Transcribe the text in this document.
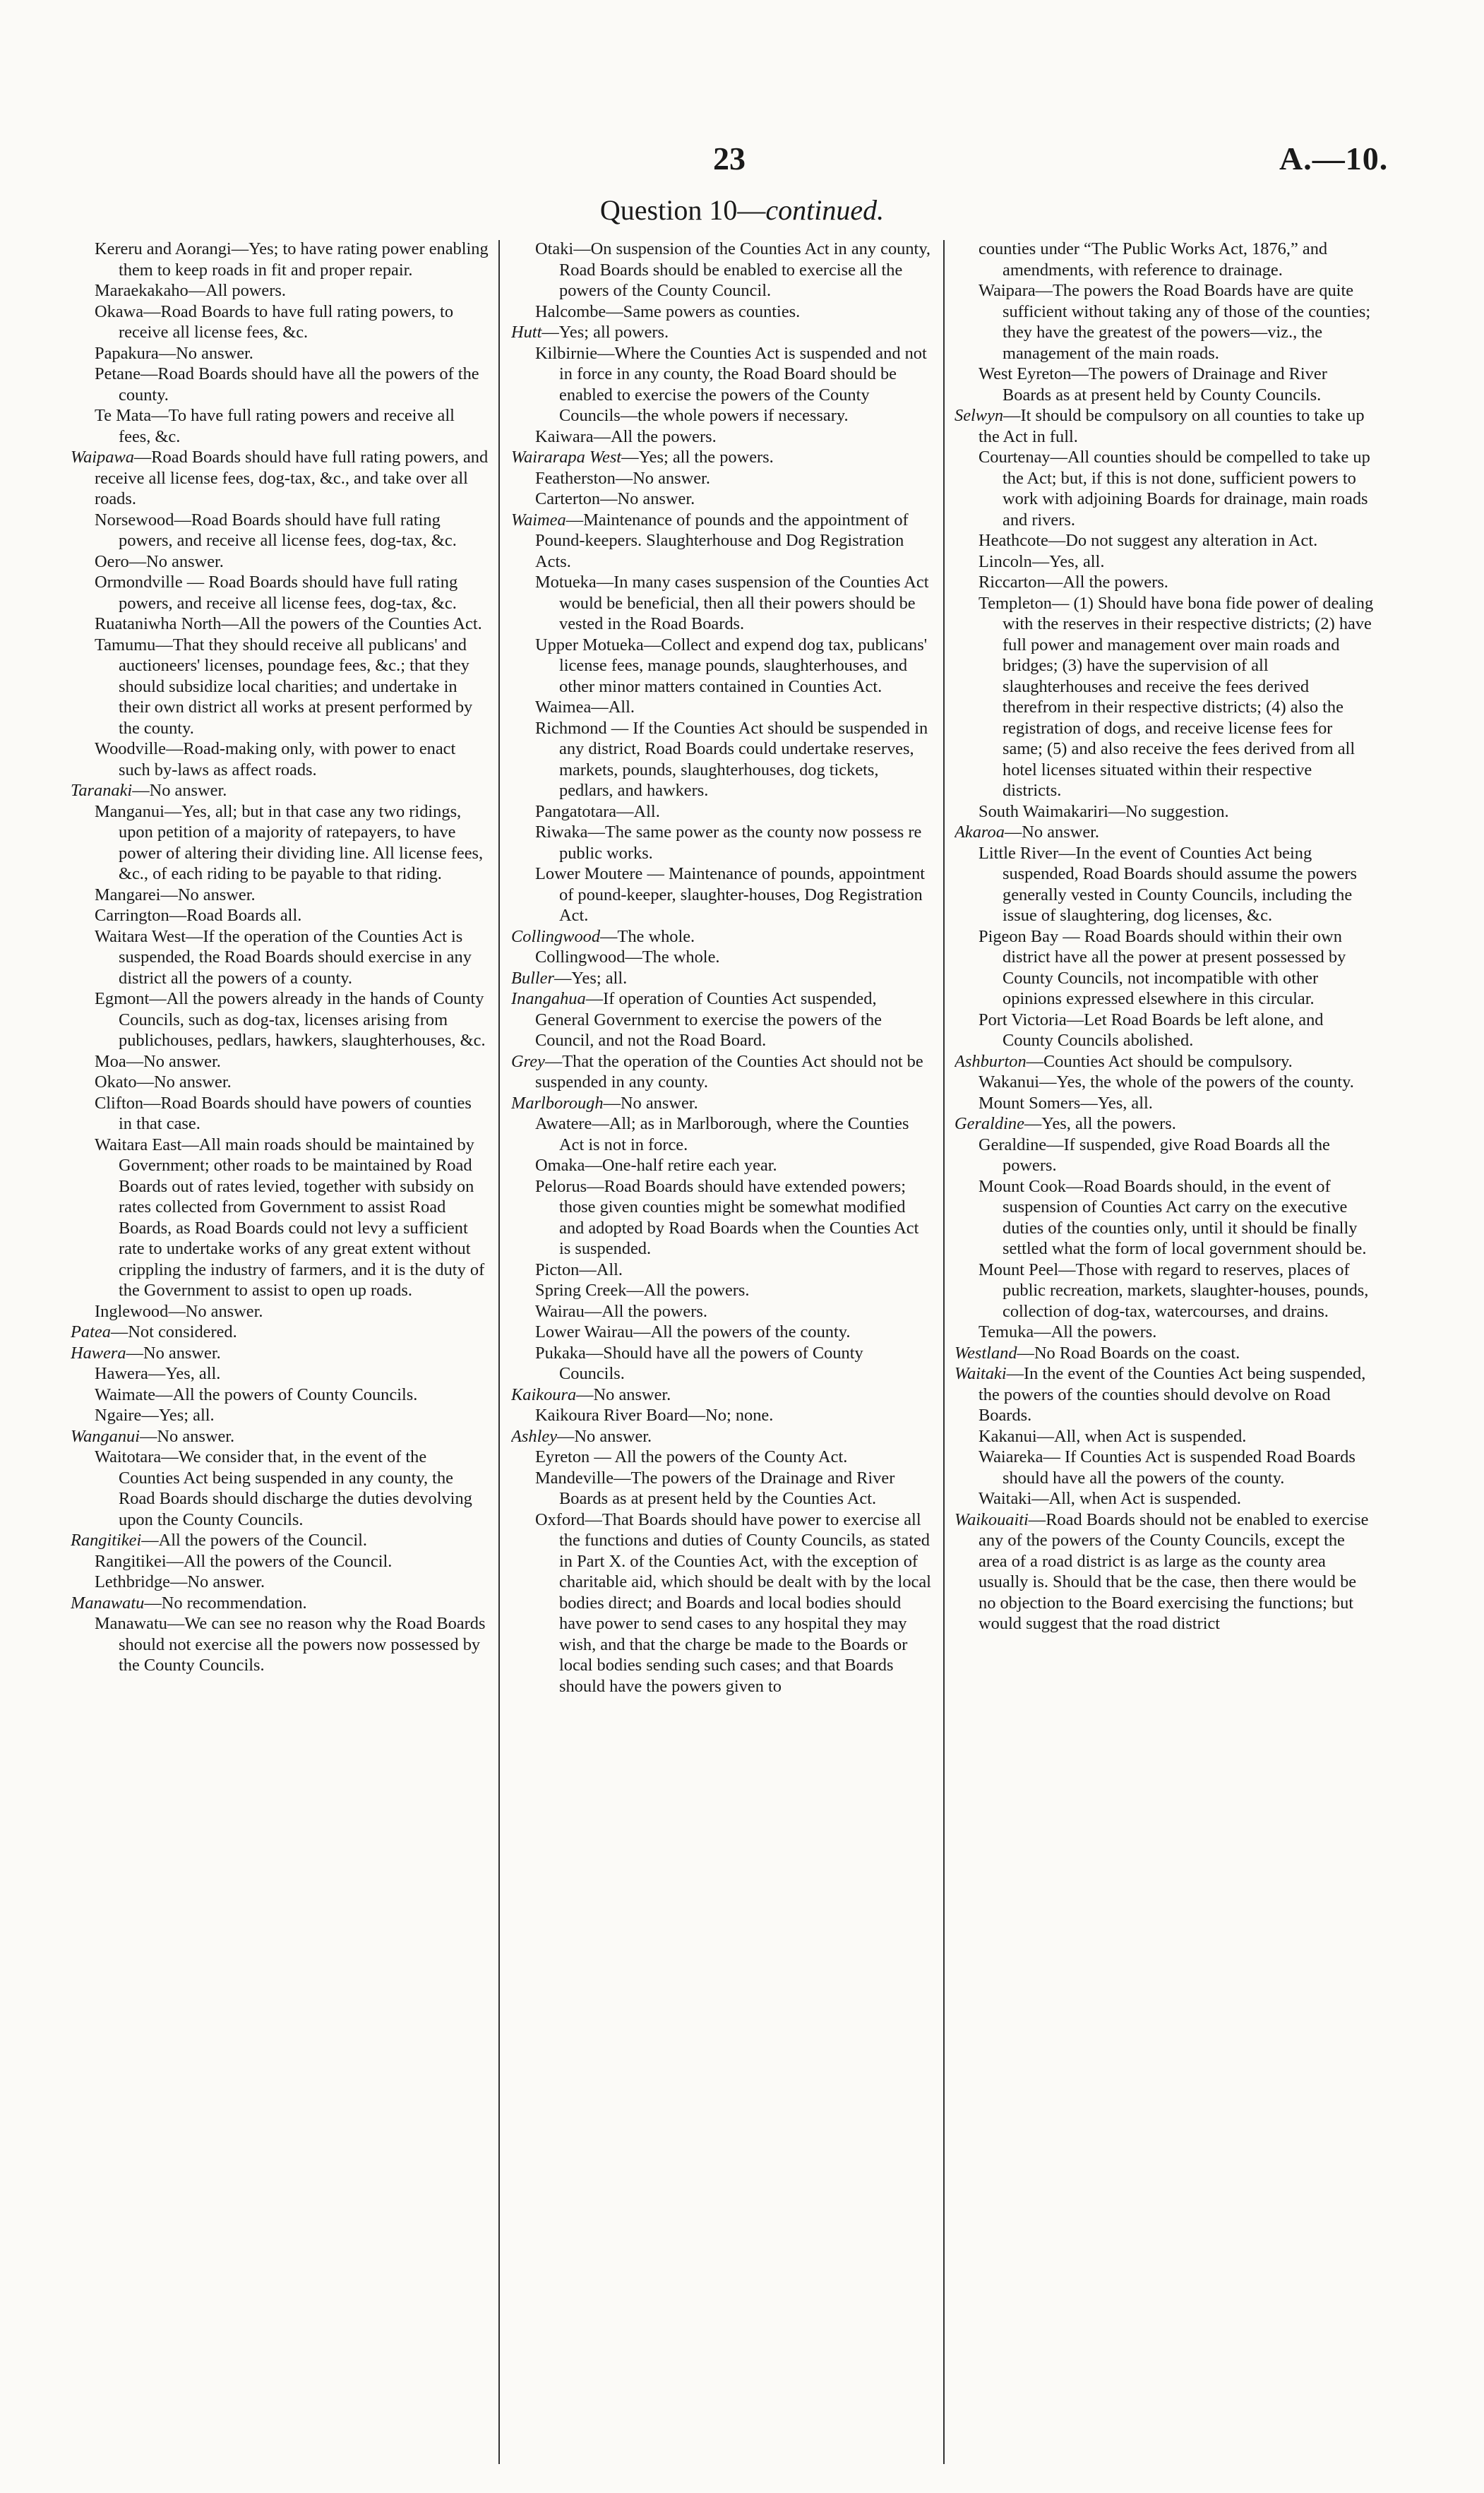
23	A.—10.
Question 10—continued.

Kereru and Aorangi—Yes; to have rating power enabling them to keep roads in fit and proper repair.

Maraekakaho—All powers.

Okawa—Road Boards to have full rating powers, to receive all license fees, &c.

Papakura—No answer.

Petane—Road Boards should have all the powers of the county.

Te Mata—To have full rating powers and receive all fees, &c.

Waipawa—Road Boards should have full rating powers, and receive all license fees, dog-tax, &c., and take over all roads.

Norsewood—Road Boards should have full rating powers, and receive all license fees, dog-tax, &c.

Oero—No answer.

Ormondville — Road Boards should have full rating powers, and receive all license fees, dog-tax, &c.

Ruataniwha North—All the powers of the Counties Act.

Tamumu—That they should receive all publicans' and auctioneers' licenses, poundage fees, &c.; that they should subsidize local charities; and undertake in their own district all works at present performed by the county.

Woodville—Road-making only, with power to enact such by-laws as affect roads.

Taranaki—No answer.

Manganui—Yes, all; but in that case any two ridings, upon petition of a majority of ratepayers, to have power of altering their dividing line. All license fees, &c., of each riding to be payable to that riding.

Mangarei—No answer.

Carrington—Road Boards all.

Waitara West—If the operation of the Counties Act is suspended, the Road Boards should exercise in any district all the powers of a county.

Egmont—All the powers already in the hands of County Councils, such as dog-tax, licenses arising from publichouses, pedlars, hawkers, slaughterhouses, &c.

Moa—No answer.

Okato—No answer.

Clifton—Road Boards should have powers of counties in that case.

Waitara East—All main roads should be maintained by Government; other roads to be maintained by Road Boards out of rates levied, together with subsidy on rates collected from Government to assist Road Boards, as Road Boards could not levy a sufficient rate to undertake works of any great extent without crippling the industry of farmers, and it is the duty of the Government to assist to open up roads.

Inglewood—No answer.

Patea—Not considered.

Hawera—No answer.

Hawera—Yes, all.

Waimate—All the powers of County Councils.

Ngaire—Yes; all.

Wanganui—No answer.

Waitotara—We consider that, in the event of the Counties Act being suspended in any county, the Road Boards should discharge the duties devolving upon the County Councils.

Rangitikei—All the powers of the Council.

Rangitikei—All the powers of the Council.

Lethbridge—No answer.

Manawatu—No recommendation.

Manawatu—We can see no reason why the Road Boards should not exercise all the powers now possessed by the County Councils.

Otaki—On suspension of the Counties Act in any county, Road Boards should be enabled to exercise all the powers of the County Council.

Halcombe—Same powers as counties.

Hutt—Yes; all powers.

Kilbirnie—Where the Counties Act is suspended and not in force in any county, the Road Board should be enabled to exercise the powers of the County Councils—the whole powers if necessary.

Kaiwara—All the powers.

Wairarapa West—Yes; all the powers.

Featherston—No answer.

Carterton—No answer.

Waimea—Maintenance of pounds and the appointment of Pound-keepers. Slaughterhouse and Dog Registration Acts.

Motueka—In many cases suspension of the Counties Act would be beneficial, then all their powers should be vested in the Road Boards.

Upper Motueka—Collect and expend dog tax, publicans' license fees, manage pounds, slaughterhouses, and other minor matters contained in Counties Act.

Waimea—All.

Richmond — If the Counties Act should be suspended in any district, Road Boards could undertake reserves, markets, pounds, slaughterhouses, dog tickets, pedlars, and hawkers.

Pangatotara—All.

Riwaka—The same power as the county now possess re public works.

Lower Moutere — Maintenance of pounds, appointment of pound-keeper, slaughter-houses, Dog Registration Act.

Collingwood—The whole.

Collingwood—The whole.

Buller—Yes; all.

Inangahua—If operation of Counties Act suspended, General Government to exercise the powers of the Council, and not the Road Board.

Grey—That the operation of the Counties Act should not be suspended in any county.

Marlborough—No answer.

Awatere—All; as in Marlborough, where the Counties Act is not in force.

Omaka—One-half retire each year.

Pelorus—Road Boards should have extended powers; those given counties might be somewhat modified and adopted by Road Boards when the Counties Act is suspended.

Picton—All.

Spring Creek—All the powers.

Wairau—All the powers.

Lower Wairau—All the powers of the county.

Pukaka—Should have all the powers of County Councils.

Kaikoura—No answer.

Kaikoura River Board—No; none.

Ashley—No answer.

Eyreton — All the powers of the County Act.

Mandeville—The powers of the Drainage and River Boards as at present held by the Counties Act.

Oxford—That Boards should have power to exercise all the functions and duties of County Councils, as stated in Part X. of the Counties Act, with the exception of charitable aid, which should be dealt with by the local bodies direct; and Boards and local bodies should have power to send cases to any hospital they may wish, and that the charge be made to the Boards or local bodies sending such cases; and that Boards should have the powers given to

counties under “The Public Works Act, 1876,” and amendments, with reference to drainage.

Waipara—The powers the Road Boards have are quite sufficient without taking any of those of the counties; they have the greatest of the powers—viz., the management of the main roads.

West Eyreton—The powers of Drainage and River Boards as at present held by County Councils.

Selwyn—It should be compulsory on all counties to take up the Act in full.

Courtenay—All counties should be compelled to take up the Act; but, if this is not done, sufficient powers to work with adjoining Boards for drainage, main roads and rivers.

Heathcote—Do not suggest any alteration in Act.

Lincoln—Yes, all.

Riccarton—All the powers.

Templeton— (1) Should have bona fide power of dealing with the reserves in their respective districts; (2) have full power and management over main roads and bridges; (3) have the supervision of all slaughterhouses and receive the fees derived therefrom in their respective districts; (4) also the registration of dogs, and receive license fees for same; (5) and also receive the fees derived from all hotel licenses situated within their respective districts.

South Waimakariri—No suggestion.

Akaroa—No answer.

Little River—In the event of Counties Act being suspended, Road Boards should assume the powers generally vested in County Councils, including the issue of slaughtering, dog licenses, &c.

Pigeon Bay — Road Boards should within their own district have all the power at present possessed by County Councils, not incompatible with other opinions expressed elsewhere in this circular.

Port Victoria—Let Road Boards be left alone, and County Councils abolished.

Ashburton—Counties Act should be compulsory.

Wakanui—Yes, the whole of the powers of the county.

Mount Somers—Yes, all.

Geraldine—Yes, all the powers.

Geraldine—If suspended, give Road Boards all the powers.

Mount Cook—Road Boards should, in the event of suspension of Counties Act carry on the executive duties of the counties only, until it should be finally settled what the form of local government should be.

Mount Peel—Those with regard to reserves, places of public recreation, markets, slaughter-houses, pounds, collection of dog-tax, watercourses, and drains.

Temuka—All the powers.

Westland—No Road Boards on the coast.

Waitaki—In the event of the Counties Act being suspended, the powers of the counties should devolve on Road Boards.

Kakanui—All, when Act is suspended.

Waiareka— If Counties Act is suspended Road Boards should have all the powers of the county.

Waitaki—All, when Act is suspended.

Waikouaiti—Road Boards should not be enabled to exercise any of the powers of the County Councils, except the area of a road district is as large as the county area usually is. Should that be the case, then there would be no objection to the Board exercising the functions; but would suggest that the road district
